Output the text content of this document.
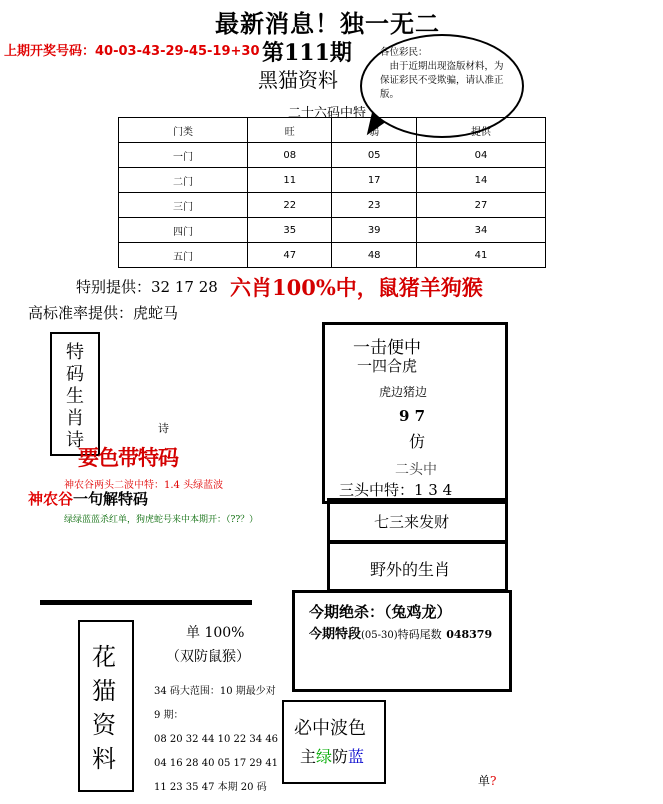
最新消息！独一无二
上期开奖号码：40-03-43-29-45-19+30 第111期
黑猫资料
各位彩民：
由于近期出现盗版材料，为保证彩民不受欺骗，请认准正版。
二十六码中特
门类	旺	弱	提供
一门	08	05	04
二门	11	17	14
三门	22	23	27
四门	35	39	34
五门	47	48	41
特别提供：32 17 28 六肖100%中，鼠猪羊狗猴
高标准率提供：虎蛇马
特码生肖诗
诗
要色带特码
神农谷两头二波中特：1.4 头绿蓝波
神农谷一句解特码
绿绿蓝蓝杀红单，狗虎蛇号来中本期开：（??？）
一击便中
一四合虎
虎边猪边
9 7
仿
二头中
三头中特：1 3 4
七三来发财
野外的生肖
今期绝杀：（兔鸡龙）
今期特段(05-30)特码尾数 048379
花猫资料
单 100%
（双防鼠猴）
34 码大范围：10 期最少对
9 期：
08 20 32 44 10 22 34 46
04 16 28 40 05 17 29 41
11 23 35 47 本期 20 码
必中波色
主绿防蓝
单?
